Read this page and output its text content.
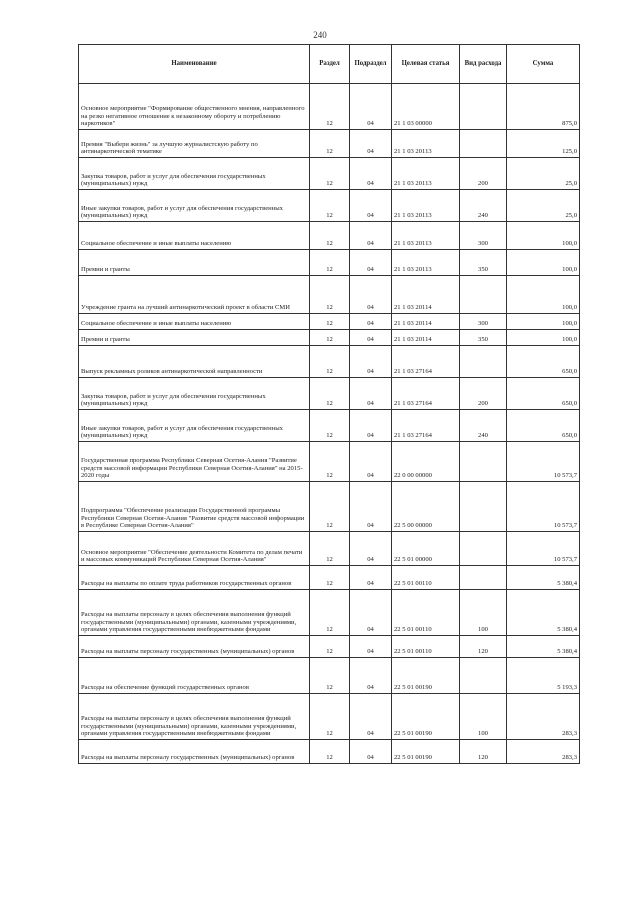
240
Наименование	Раздел	Подраздел	Целевая статья	Вид расхода	Сумма
Основное мероприятие "Формирование общественного мнения, направленного на резко негативное отношение к незаконному обороту и потреблению наркотиков"	12	04	21 1 03 00000		875,0
Премия "Выбери жизнь" за лучшую журналистскую работу по антинаркотической тематике	12	04	21 1 03 20113		125,0
Закупка товаров, работ и услуг для обеспечения государственных (муниципальных) нужд	12	04	21 1 03 20113	200	25,0
Иные закупки товаров, работ и услуг для обеспечения государственных (муниципальных) нужд	12	04	21 1 03 20113	240	25,0
Социальное обеспечение и иные выплаты населению	12	04	21 1 03 20113	300	100,0
Премии и гранты	12	04	21 1 03 20113	350	100,0
Учреждение гранта на лучший антинаркотический проект в области СМИ	12	04	21 1 03 20114		100,0
Социальное обеспечение и иные выплаты населению	12	04	21 1 03 20114	300	100,0
Премии и гранты	12	04	21 1 03 20114	350	100,0
Выпуск рекламных роликов антинаркотической направленности	12	04	21 1 03 27164		650,0
Закупка товаров, работ и услуг для обеспечения государственных (муниципальных) нужд	12	04	21 1 03 27164	200	650,0
Иные закупки товаров, работ и услуг для обеспечения государственных (муниципальных) нужд	12	04	21 1 03 27164	240	650,0
Государственная программа Республики Северная Осетия-Алания "Развитие средств массовой информации Республики Северная Осетия-Алания" на 2015-2020 годы	12	04	22 0 00 00000		10 573,7
Подпрограмма "Обеспечение реализации Государственной программы Республики Северная Осетия-Алания "Развитие средств массовой информации в Республике Северная Осетия-Алания"	12	04	22 5 00 00000		10 573,7
Основное мероприятие "Обеспечение деятельности Комитета по делам печати и массовых коммуникаций Республики Северная Осетия-Алания"	12	04	22 5 01 00000		10 573,7
Расходы на выплаты по оплате труда работников государственных органов	12	04	22 5 01 00110		5 380,4
Расходы на выплаты персоналу в целях обеспечения выполнения функций государственными (муниципальными) органами, казенными учреждениями, органами управления государственными внебюджетными фондами	12	04	22 5 01 00110	100	5 380,4
Расходы на выплаты персоналу государственных (муниципальных) органов	12	04	22 5 01 00110	120	5 380,4
Расходы на обеспечение функций государственных органов	12	04	22 5 01 00190		5 193,3
Расходы на выплаты персоналу в целях обеспечения выполнения функций государственными (муниципальными) органами, казенными учреждениями, органами управления государственными внебюджетными фондами	12	04	22 5 01 00190	100	283,3
Расходы на выплаты персоналу государственных (муниципальных) органов	12	04	22 5 01 00190	120	283,3
